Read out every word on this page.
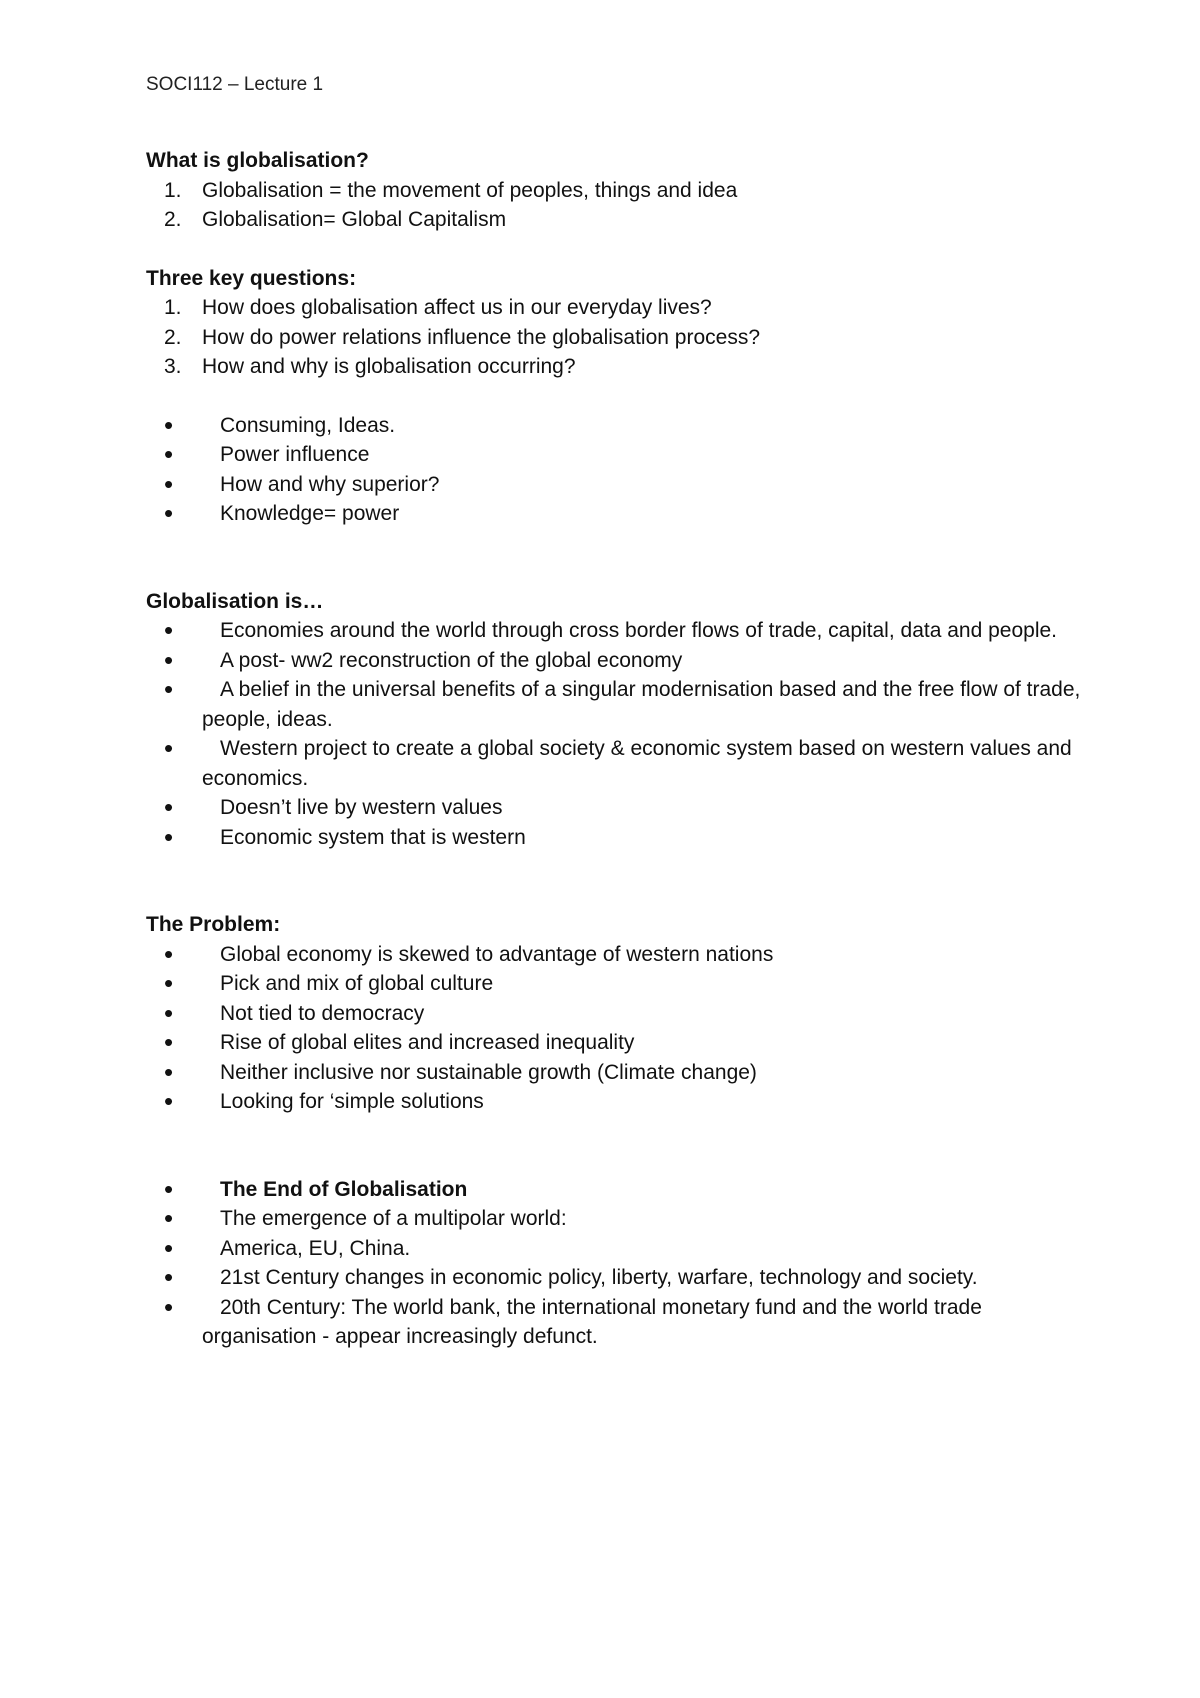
SOCI112 – Lecture 1
What is globalisation?
1. Globalisation = the movement of peoples, things and idea
2. Globalisation= Global Capitalism
Three key questions:
1. How does globalisation affect us in our everyday lives?
2. How do power relations influence the globalisation process?
3. How and why is globalisation occurring?
• Consuming, Ideas.
• Power influence
• How and why superior?
• Knowledge= power
Globalisation is…
• Economies around the world through cross border flows of trade, capital, data and people.
• A post- ww2 reconstruction of the global economy
• A belief in the universal benefits of a singular modernisation based and the free flow of trade, people, ideas.
• Western project to create a global society & economic system based on western values and economics.
• Doesn’t live by western values
• Economic system that is western
The Problem:
• Global economy is skewed to advantage of western nations
• Pick and mix of global culture
• Not tied to democracy
• Rise of global elites and increased inequality
• Neither inclusive nor sustainable growth (Climate change)
• Looking for ‘simple solutions
• The End of Globalisation
• The emergence of a multipolar world:
• America, EU, China.
• 21st Century changes in economic policy, liberty, warfare, technology and society.
• 20th Century: The world bank, the international monetary fund and the world trade organisation - appear increasingly defunct.
